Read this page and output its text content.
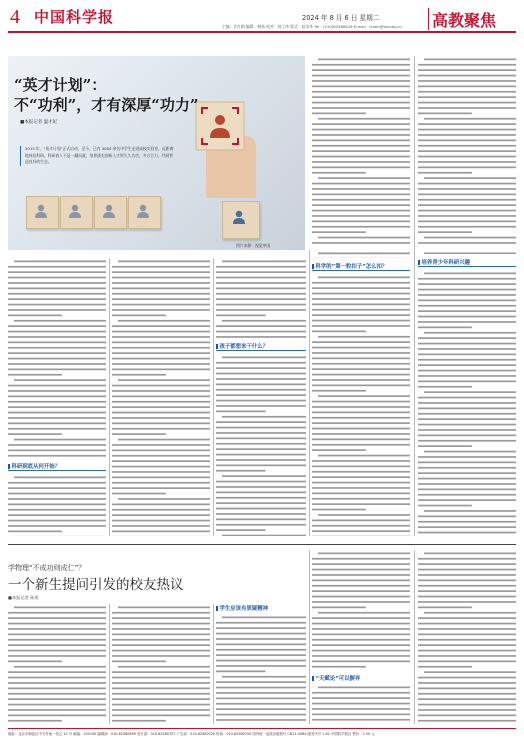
4 中国科学报	2024 年 8 月 6 日 星期二
主编：计红梅 编辑：韩扬 校对：何工伟 版式：赵凤华 Tel：(010)62580616 E-mail：lchen@stimes.cn 高教聚焦
“英才计划”：
不“功利”，才有深厚“功力”
■本报记者 温才妃
2013 年，“英才计划”正式启动，至今，已有 4000 余名中学生走进高校实验室，近距离地体验科研。科研育人不是一蹴而就，培养拔尖创新人才须久久为功，多方合力，共同营造良好的生态。
图片来源：视觉中国
科研到底从何开始？
孩子都想来干什么？
科学的“第一粒扣子”怎么扣？
培养青少年科研兴趣
学物理“不成功则成仁”？
一个新生提问引发的校友热议
■本报记者 孙瑶
学生应该有质疑精神
“天赋论”可以摒弃
地址：北京市海淀区中关村南一条乙 12 号 邮编：100190 编辑部：010-62580699 发行部：010-62580707 广告部：010-62580729 传真：010-62580700 国内统一连续出版物号 CN11-0084 邮发代号 1-82 中国科学报社 售价：2.50 元
